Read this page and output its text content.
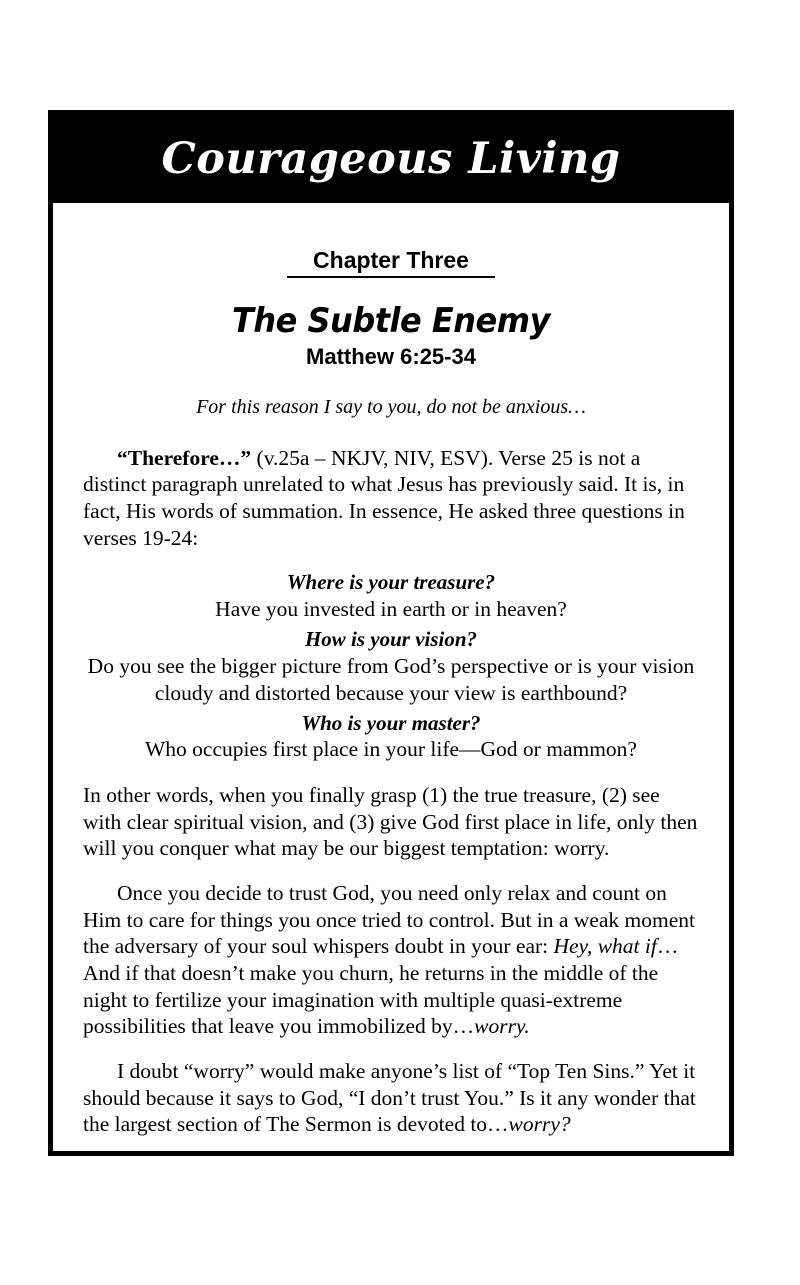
Courageous Living
Chapter Three
The Subtle Enemy
Matthew 6:25-34
For this reason I say to you, do not be anxious…

“Therefore…” (v.25a – NKJV, NIV, ESV). Verse 25 is not a distinct paragraph unrelated to what Jesus has previously said. It is, in fact, His words of summation. In essence, He asked three questions in verses 19-24:

Where is your treasure?
Have you invested in earth or in heaven?
How is your vision?
Do you see the bigger picture from God’s perspective or is your vision cloudy and distorted because your view is earthbound?
Who is your master?
Who occupies first place in your life—God or mammon?

In other words, when you finally grasp (1) the true treasure, (2) see with clear spiritual vision, and (3) give God first place in life, only then will you conquer what may be our biggest temptation: worry.

Once you decide to trust God, you need only relax and count on Him to care for things you once tried to control. But in a weak moment the adversary of your soul whispers doubt in your ear: Hey, what if… And if that doesn’t make you churn, he returns in the middle of the night to fertilize your imagination with multiple quasi-extreme possibilities that leave you immobilized by…worry.

I doubt “worry” would make anyone’s list of “Top Ten Sins.” Yet it should because it says to God, “I don’t trust You.” Is it any wonder that the largest section of The Sermon is devoted to…worry?
